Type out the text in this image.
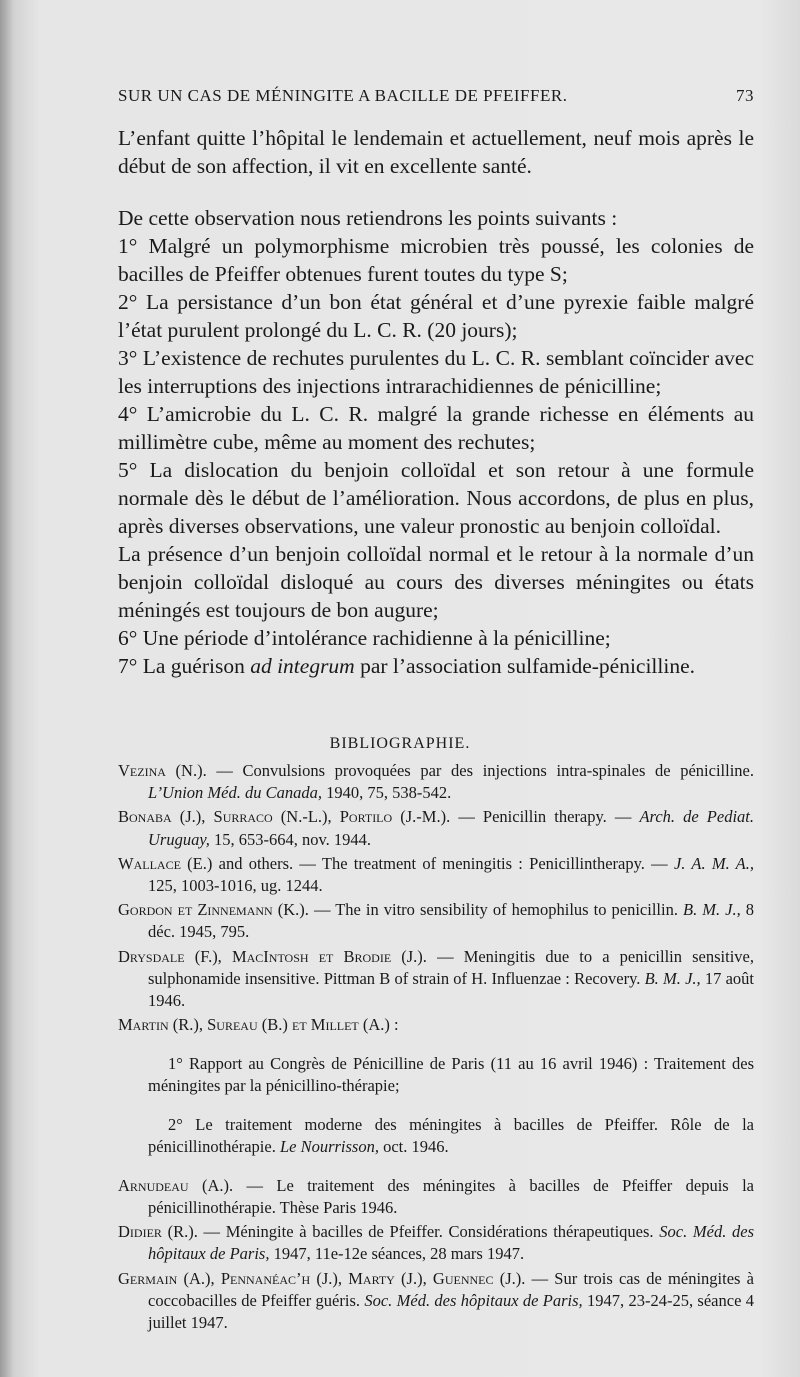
SUR UN CAS DE MÉNINGITE A BACILLE DE PFEIFFER.	73

L’enfant quitte l’hôpital le lendemain et actuellement, neuf mois après le début de son affection, il vit en excellente santé.

De cette observation nous retiendrons les points suivants :

1° Malgré un polymorphisme microbien très poussé, les colonies de bacilles de Pfeiffer obtenues furent toutes du type S;

2° La persistance d’un bon état général et d’une pyrexie faible malgré l’état purulent prolongé du L. C. R. (20 jours);

3° L’existence de rechutes purulentes du L. C. R. semblant coïncider avec les interruptions des injections intrarachidiennes de pénicilline;

4° L’amicrobie du L. C. R. malgré la grande richesse en éléments au millimètre cube, même au moment des rechutes;

5° La dislocation du benjoin colloïdal et son retour à une formule normale dès le début de l’amélioration. Nous accordons, de plus en plus, après diverses observations, une valeur pronostic au benjoin colloïdal.

La présence d’un benjoin colloïdal normal et le retour à la normale d’un benjoin colloïdal disloqué au cours des diverses méningites ou états méningés est toujours de bon augure;

6° Une période d’intolérance rachidienne à la pénicilline;

7° La guérison ad integrum par l’association sulfamide-pénicilline.

BIBLIOGRAPHIE.

Vezina (N.). — Convulsions provoquées par des injections intra-spinales de pénicilline. L’Union Méd. du Canada, 1940, 75, 538-542.

Bonaba (J.), Surraco (N.-L.), Portilo (J.-M.). — Penicillin therapy. — Arch. de Pediat. Uruguay, 15, 653-664, nov. 1944.

Wallace (E.) and others. — The treatment of meningitis : Penicillintherapy. — J. A. M. A., 125, 1003-1016, ug. 1244.

Gordon et Zinnemann (K.). — The in vitro sensibility of hemophilus to penicillin. B. M. J., 8 déc. 1945, 795.

Drysdale (F.), MacIntosh et Brodie (J.). — Meningitis due to a penicillin sensitive, sulphonamide insensitive. Pittman B of strain of H. Influenzae : Recovery. B. M. J., 17 août 1946.

Martin (R.), Sureau (B.) et Millet (A.) :

1° Rapport au Congrès de Pénicilline de Paris (11 au 16 avril 1946) : Traitement des méningites par la pénicillino-thérapie;

2° Le traitement moderne des méningites à bacilles de Pfeiffer. Rôle de la pénicillinothérapie. Le Nourrisson, oct. 1946.

Arnudeau (A.). — Le traitement des méningites à bacilles de Pfeiffer depuis la pénicillinothérapie. Thèse Paris 1946.

Didier (R.). — Méningite à bacilles de Pfeiffer. Considérations thérapeutiques. Soc. Méd. des hôpitaux de Paris, 1947, 11e-12e séances, 28 mars 1947.

Germain (A.), Pennanéac’h (J.), Marty (J.), Guennec (J.). — Sur trois cas de méningites à coccobacilles de Pfeiffer guéris. Soc. Méd. des hôpitaux de Paris, 1947, 23-24-25, séance 4 juillet 1947.
